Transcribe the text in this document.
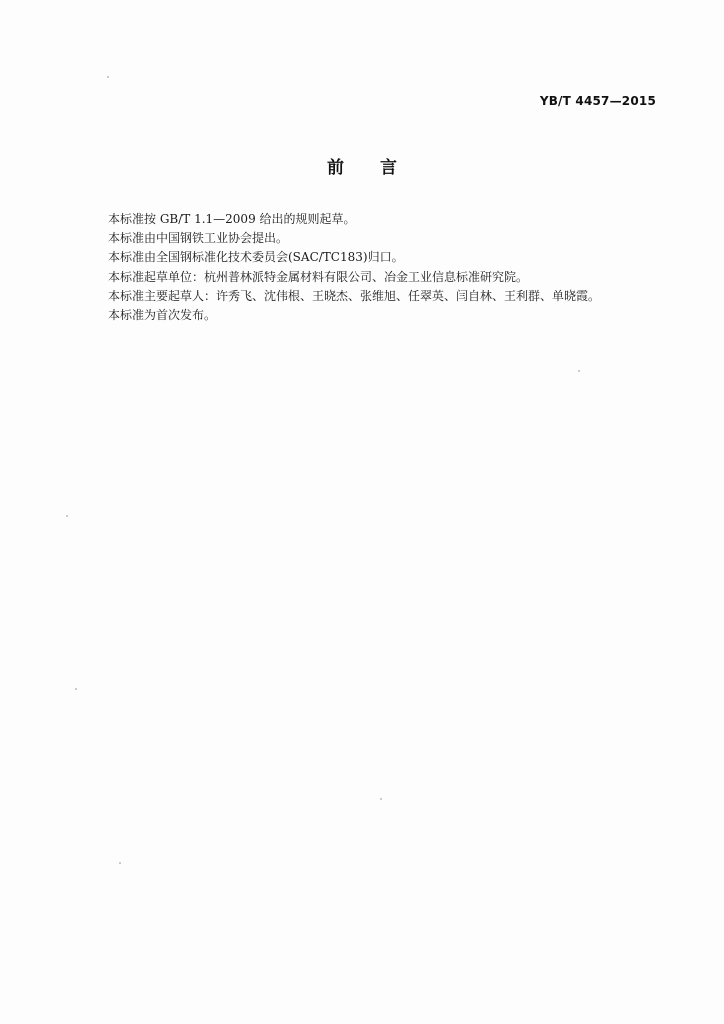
YB/T 4457—2015
前 言

本标准按 GB/T 1.1—2009 给出的规则起草。

本标准由中国钢铁工业协会提出。

本标准由全国钢标准化技术委员会(SAC/TC183)归口。

本标准起草单位：杭州普林派特金属材料有限公司、冶金工业信息标准研究院。

本标准主要起草人：许秀飞、沈伟根、王晓杰、张维旭、任翠英、闫自林、王利群、单晓霞。

本标准为首次发布。
